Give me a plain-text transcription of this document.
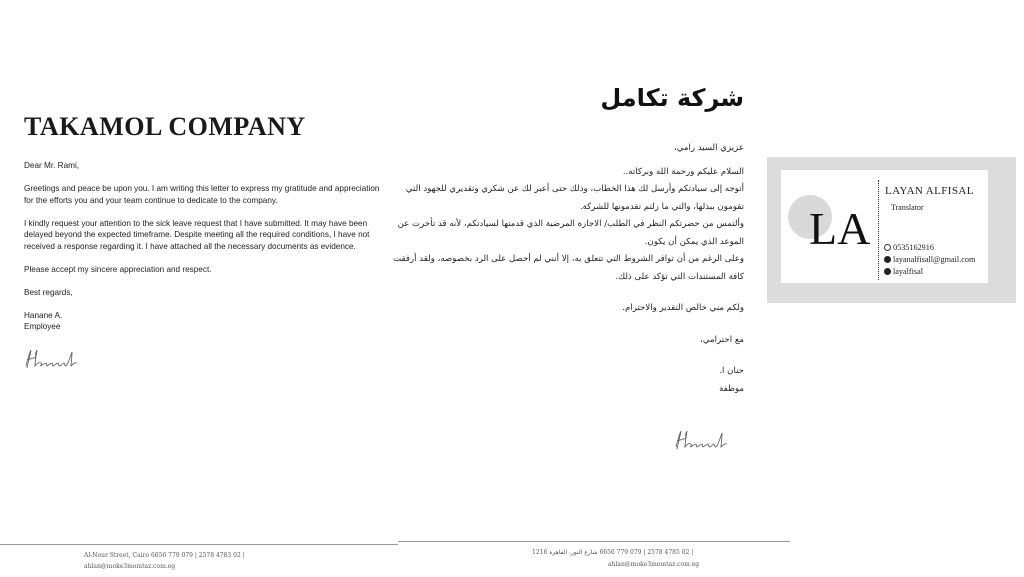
TAKAMOL COMPANY

Dear Mr. Rami,

Greetings and peace be upon you. I am writing this letter to express my gratitude and appreciation for the efforts you and your team continue to dedicate to the company.

I kindly request your attention to the sick leave request that I have submitted. It may have been delayed beyond the expected timeframe. Despite meeting all the required conditions, I have not received a response regarding it. I have attached all the necessary documents as evidence.

Please accept my sincere appreciation and respect.

Best regards,

Hanane A.

Employee

شركة تكامل

عزيزي السيد رامي،

السلام عليكم ورحمة الله وبركاته..

أتوجه إلى سيادتكم وأرسل لك هذا الخطاب، وذلك حتى أعبر لك عن شكري وتقديري للجهود التي تقومون ببذلها، والتي ما زلتم تقدمونها للشركة.

وألتمس من حضرتكم النظر في الطلب/ الاجازة المرضية الذي قدمتها لسيادتكم، لأنه قد تأخرت عن الموعد الذي يمكن أن يكون.

وعلى الرغم من أن توافر الشروط التي تتعلق به، إلا أنني لم أحصل على الرد بخصوصه، ولقد أرفقت كافة المستندات التي تؤكد على ذلك.

ولكم مني خالص التقدير والاحترام.

مع احترامي،

حنان ا.

موظفة

LA
LAYAN ALFISAL
Translator
0535162916
layanalfisall@gmail.com
layalfisal
Al-Nour Street, Cairo 6656 779 079 | 2578 4783 02 |
ahlan@moke3momtaz.com.eg
| 02 4785 2578 | 079 779 6656 شارع النور، القاهرة 1216
ahlan@moke3momtaz.com.eg
